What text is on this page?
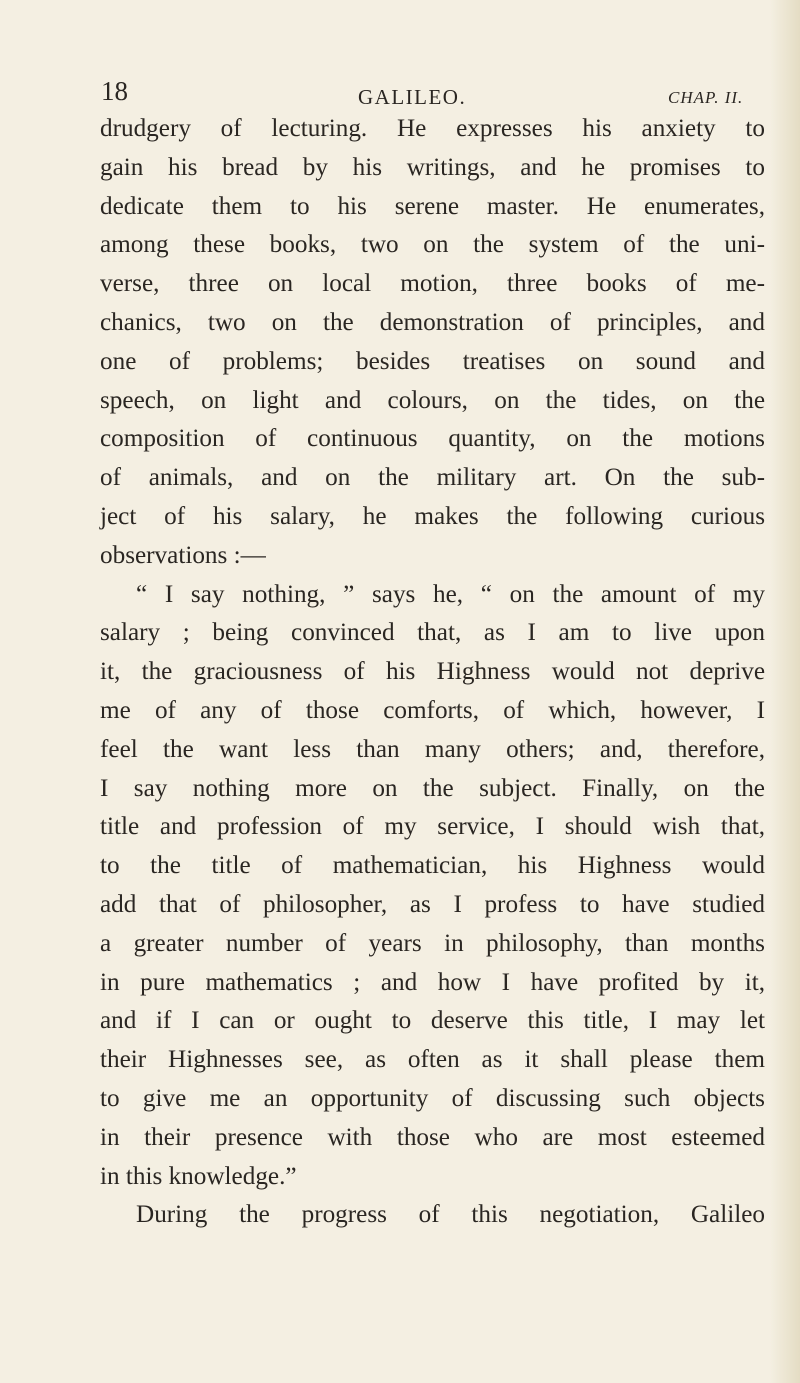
18	GALILEO.	CHAP. II.
drudgery of lecturing. He expresses his anxiety to
gain his bread by his writings, and he promises to
dedicate them to his serene master. He enumerates,
among these books, two on the system of the uni-
verse, three on local motion, three books of me-
chanics, two on the demonstration of principles, and
one of problems; besides treatises on sound and
speech, on light and colours, on the tides, on the
composition of continuous quantity, on the motions
of animals, and on the military art. On the sub-
ject of his salary, he makes the following curious
observations :—
“ I say nothing, ” says he, “ on the amount of my
salary ; being convinced that, as I am to live upon
it, the graciousness of his Highness would not deprive
me of any of those comforts, of which, however, I
feel the want less than many others; and, therefore,
I say nothing more on the subject. Finally, on the
title and profession of my service, I should wish that,
to the title of mathematician, his Highness would
add that of philosopher, as I profess to have studied
a greater number of years in philosophy, than months
in pure mathematics ; and how I have profited by it,
and if I can or ought to deserve this title, I may let
their Highnesses see, as often as it shall please them
to give me an opportunity of discussing such objects
in their presence with those who are most esteemed
in this knowledge.”
During the progress of this negotiation, Galileo
